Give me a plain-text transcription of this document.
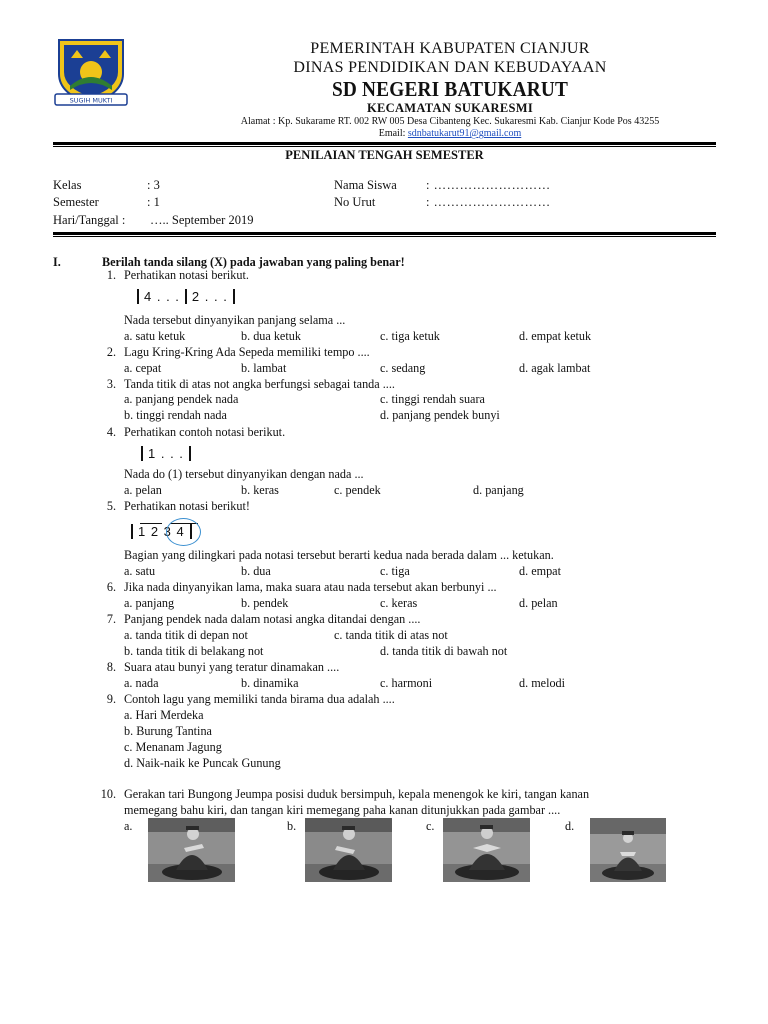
SUGIH MUKTI
PEMERINTAH KABUPATEN CIANJUR
DINAS PENDIDIKAN DAN KEBUDAYAAN
SD NEGERI BATUKARUT
KECAMATAN SUKARESMI
Alamat : Kp. Sukarame RT. 002 RW 005 Desa Cibanteng Kec. Sukaresmi Kab. Cianjur Kode Pos 43255
Email: sdnbatukarut91@gmail.com
PENILAIAN TENGAH SEMESTER
Kelas	: 3
Semester	: 1
Hari/Tanggal : ….. September 2019
Nama Siswa : ………………………
No Urut	: ………………………
I.	Berilah tanda silang (X) pada jawaban yang paling benar!
1. Perhatikan notasi berikut.
4 . . . 2 . . .
Nada tersebut dinyanyikan panjang selama ...
a. satu ketuk	b. dua ketuk	c. tiga ketuk	d. empat ketuk
2. Lagu Kring-Kring Ada Sepeda memiliki tempo ....
a. cepat	b. lambat	c. sedang	d. agak lambat
3. Tanda titik di atas not angka berfungsi sebagai tanda ....
a. panjang pendek nada	c. tinggi rendah suara
b. tinggi rendah nada	d. panjang pendek bunyi
4. Perhatikan contoh notasi berikut.
1 . . .
Nada do (1) tersebut dinyanyikan dengan nada ...
a. pelan	b. keras	c. pendek	d. panjang
5. Perhatikan notasi berikut!
1 2 3 4
Bagian yang dilingkari pada notasi tersebut berarti kedua nada berada dalam ... ketukan.
a. satu	b. dua	c. tiga	d. empat
6. Jika nada dinyanyikan lama, maka suara atau nada tersebut akan berbunyi ...
a. panjang	b. pendek	c. keras	d. pelan
7. Panjang pendek nada dalam notasi angka ditandai dengan ....
a. tanda titik di depan not	c. tanda titik di atas not
b. tanda titik di belakang not	d. tanda titik di bawah not
8. Suara atau bunyi yang teratur dinamakan ....
a. nada	b. dinamika	c. harmoni	d. melodi
9. Contoh lagu yang memiliki tanda birama dua adalah ....
a. Hari Merdeka
b. Burung Tantina
c. Menanam Jagung
d. Naik-naik ke Puncak Gunung
10. Gerakan tari Bungong Jeumpa posisi duduk bersimpuh, kepala menengok ke kiri, tangan kanan
memegang bahu kiri, dan tangan kiri memegang paha kanan ditunjukkan pada gambar ....
a.	b.	c.	d.
